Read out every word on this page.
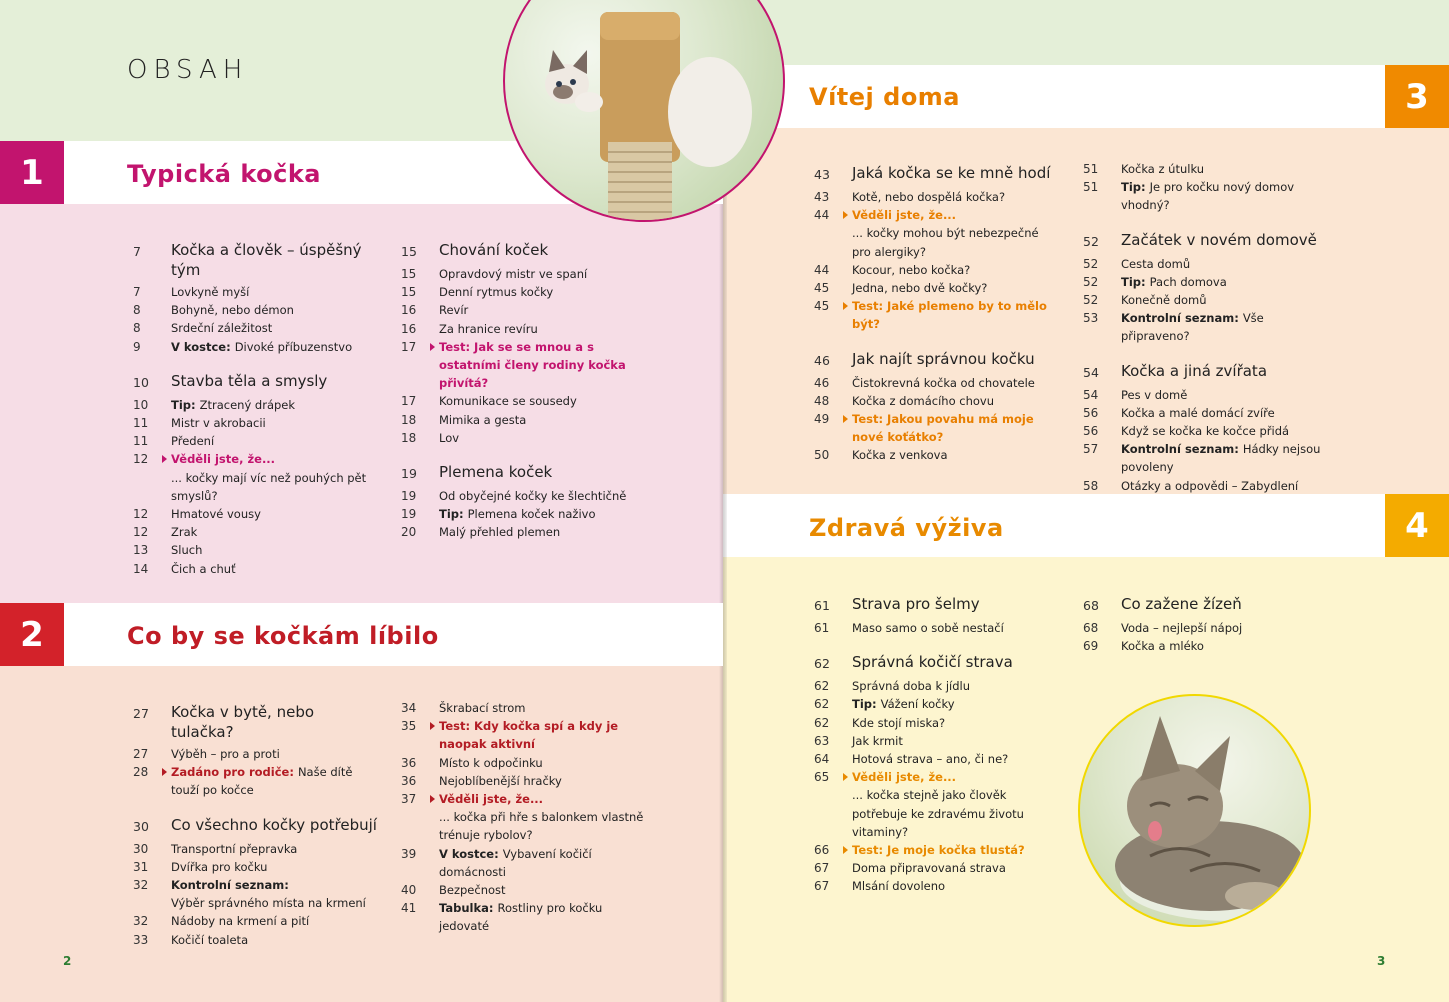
OBSAH
1	Typická kočka
2	Co by se kočkám líbilo
3
Vítej doma
4
Zdravá výživa
7	Kočka a člověk – úspěšný tým
7	Lovkyně myší
8	Bohyně, nebo démon
8	Srdeční záležitost
9	V kostce: Divoké příbuzenstvo
10	Stavba těla a smysly
10	Tip: Ztracený drápek
11	Mistr v akrobacii
11	Předení
12	Věděli jste, že...
... kočky mají víc než pouhých pět smyslů?
12	Hmatové vousy
12	Zrak
13	Sluch
14	Čich a chuť
15	Chování koček
15	Opravdový mistr ve spaní
15	Denní rytmus kočky
16	Revír
16	Za hranice revíru
17	Test: Jak se se mnou a s ostatními členy rodiny kočka přivítá?
17	Komunikace se sousedy
18	Mimika a gesta
18	Lov
19	Plemena koček
19	Od obyčejné kočky ke šlechtičně
19	Tip: Plemena koček naživo
20	Malý přehled plemen
27	Kočka v bytě, nebo tulačka?
27	Výběh – pro a proti
28	Zadáno pro rodiče: Naše dítě touží po kočce
30	Co všechno kočky potřebují
30	Transportní přepravka
31	Dvířka pro kočku
32	Kontrolní seznam:
Výběr správného místa na krmení
32	Nádoby na krmení a pití
33	Kočičí toaleta
34	Škrabací strom
35	Test: Kdy kočka spí a kdy je naopak aktivní
36	Místo k odpočinku
36	Nejoblíbenější hračky
37	Věděli jste, že...
... kočka při hře s balonkem vlastně trénuje rybolov?
39	V kostce: Vybavení kočičí domácnosti
40	Bezpečnost
41	Tabulka: Rostliny pro kočku jedovaté
43	Jaká kočka se ke mně hodí
43	Kotě, nebo dospělá kočka?
44	Věděli jste, že...
... kočky mohou být nebezpečné pro alergiky?
44	Kocour, nebo kočka?
45	Jedna, nebo dvě kočky?
45	Test: Jaké plemeno by to mělo být?
46	Jak najít správnou kočku
46	Čistokrevná kočka od chovatele
48	Kočka z domácího chovu
49	Test: Jakou povahu má moje nové koťátko?
50	Kočka z venkova
51	Kočka z útulku
51	Tip: Je pro kočku nový domov vhodný?
52	Začátek v novém domově
52	Cesta domů
52	Tip: Pach domova
52	Konečně domů
53	Kontrolní seznam: Vše připraveno?
54	Kočka a jiná zvířata
54	Pes v domě
56	Kočka a malé domácí zvíře
56	Když se kočka ke kočce přidá
57	Kontrolní seznam: Hádky nejsou povoleny
58	Otázky a odpovědi – Zabydlení
61	Strava pro šelmy
61	Maso samo o sobě nestačí
62	Správná kočičí strava
62	Správná doba k jídlu
62	Tip: Vážení kočky
62	Kde stojí miska?
63	Jak krmit
64	Hotová strava – ano, či ne?
65	Věděli jste, že...
... kočka stejně jako člověk potřebuje ke zdravému životu vitaminy?
66	Test: Je moje kočka tlustá?
67	Doma připravovaná strava
67	Mlsání dovoleno
68	Co zažene žízeň
68	Voda – nejlepší nápoj
69	Kočka a mléko
2	3
